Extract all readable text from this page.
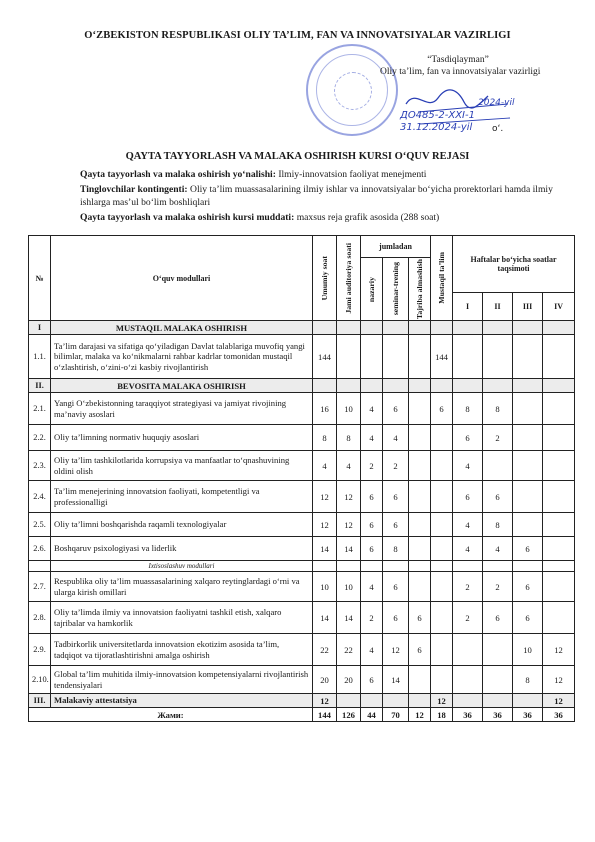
O‘ZBEKISTON RESPUBLIKASI OLIY TA’LIM, FAN VA INNOVATSIYALAR VAZIRLIGI
“Tasdiqlayman”
Oliy ta’lim, fan va innovatsiyalar vazirligi
2024-yil
ДО485-2-ХХI-1
31.12.2024-yil o‘.
QAYTA TAYYORLASH VA MALAKA OSHIRISH KURSI O‘QUV REJASI
Qayta tayyorlash va malaka oshirish yo‘nalishi: Ilmiy-innovatsion faoliyat menejmenti
Tinglovchilar kontingenti: Oliy ta’lim muassasalarining ilmiy ishlar va innovatsiyalar bo‘yicha prorektorlari hamda ilmiy ishlarga mas’ul bo‘lim boshliqlari
Qayta tayyorlash va malaka oshirish kursi muddati: maxsus reja grafik asosida (288 soat)
№	O‘quv modullari	Umumiy soat	Jami auditoriya soati	jumladan			Mustaqil ta’lim	Haftalar bo‘yicha soatlar taqsimoti			

				nazariy	seminar-trening	Tajriba almashish					

								I	II	III	IV
I	MUSTAQIL MALAKA OSHIRISH										
1.1.	Ta’lim darajasi va sifatiga qo‘yiladigan Davlat talablariga muvofiq yangi bilimlar, malaka va ko‘nikmalarni rahbar kadrlar tomonidan mustaqil o‘zlashtirish, o‘zini-o‘zi kasbiy rivojlantirish	144					144				
II.	BEVOSITA MALAKA OSHIRISH										
2.1.	Yangi O‘zbekistonning taraqqiyot strategiyasi va jamiyat rivojining ma’naviy asoslari	16	10	4	6		6	8	8		
2.2.	Oliy ta’limning normativ huquqiy asoslari	8	8	4	4			6	2		
2.3.	Oliy ta’lim tashkilotlarida korrupsiya va manfaatlar to‘qnashuvining oldini olish	4	4	2	2			4			
2.4.	Ta’lim menejerining innovatsion faoliyati, kompetentligi va professionalligi	12	12	6	6			6	6		
2.5.	Oliy ta’limni boshqarishda raqamli texnologiyalar	12	12	6	6			4	8		
2.6.	Boshqaruv psixologiyasi va liderlik	14	14	6	8			4	4	6	
	Ixtisoslashuv modullari										
2.7.	Respublika oliy ta’lim muassasalarining xalqaro reytinglardagi o‘rni va ularga kirish omillari	10	10	4	6			2	2	6	
2.8.	Oliy ta’limda ilmiy va innovatsion faoliyatni tashkil etish, xalqaro tajribalar va hamkorlik	14	14	2	6	6		2	6	6	
2.9.	Tadbirkorlik universitetlarda innovatsion ekotizim asosida ta’lim, tadqiqot va tijoratlashtirishni amalga oshirish	22	22	4	12	6				10	12
2.10.	Global ta’lim muhitida ilmiy-innovatsion kompetensiyalarni rivojlantirish tendensiyalari	20	20	6	14					8	12
III.	Malakaviy attestatsiya	12					12				12
Жами:		144	126	44	70	12	18	36	36	36	36
